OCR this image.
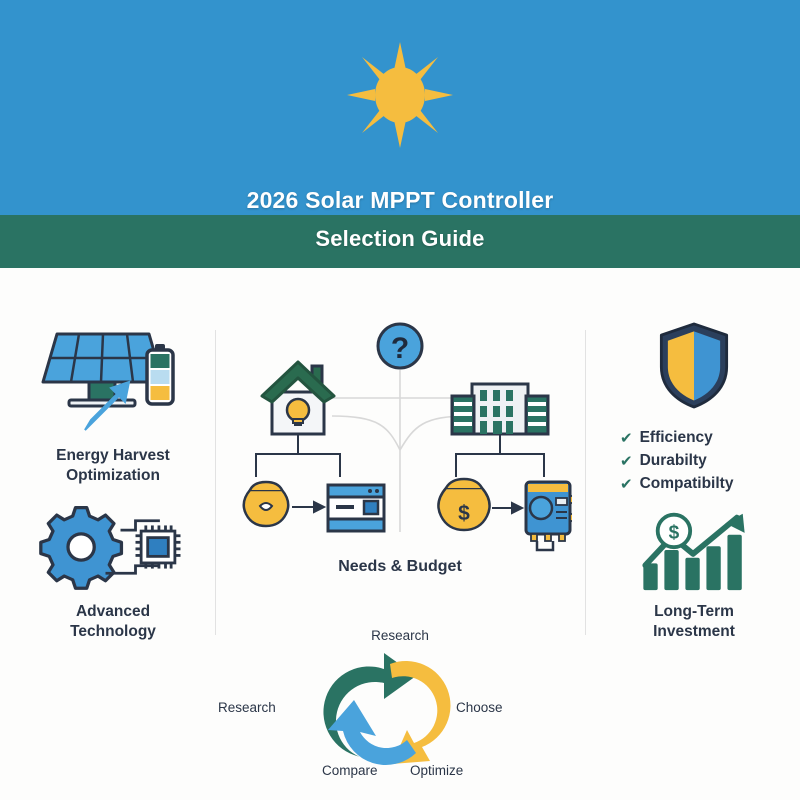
2026 Solar MPPT Controller
Selection Guide
Energy Harvest
Optimization
Advanced
Technology
?
$
Needs & Budget
✔ Efficiency
✔ Durabilty
✔ Compatibilty
$
Long-Term
Investment
Research
Choose
Optimize
Compare
Research
